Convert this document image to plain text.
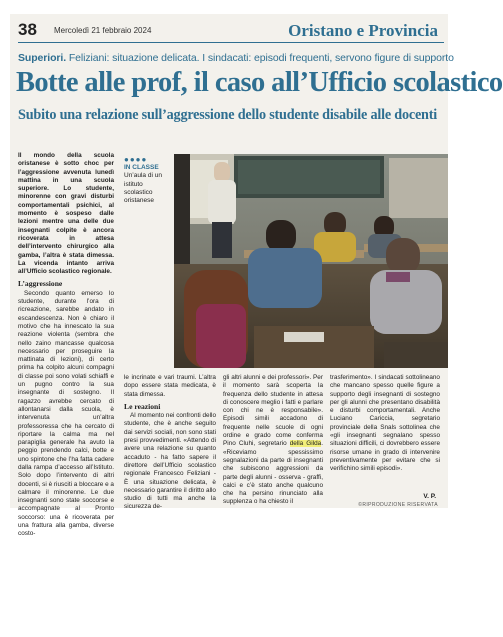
38 Mercoledì 21 febbraio 2024	Oristano e Provincia
Superiori. Feliziani: situazione delicata. I sindacati: episodi frequenti, servono figure di supporto
Botte alle prof, il caso all’Ufficio scolastico
Subito una relazione sull’aggressione dello studente disabile alle docenti

Il mondo della scuola oristanese è sotto choc per l’aggressione avvenuta lunedì mattina in una scuola superiore. Lo studente, minorenne con gravi disturbi comportamentali psichici, al momento è sospeso dalle lezioni mentre una delle due insegnanti colpite è ancora ricoverata in attesa dell’intervento chirurgico alla gamba, l’altra è stata dimessa. La vicenda intanto arriva all’Ufficio scolastico regionale.

L’aggressione

Secondo quanto emerso lo studente, durante l’ora di ricreazione, sarebbe andato in escandescenza. Non è chiaro il motivo che ha innescato la sua reazione violenta (sembra che nello zaino mancasse qualcosa necessario per proseguire la mattinata di lezioni), di certo prima ha colpito alcuni compagni di classe poi sono volati schiaffi e un pugno contro la sua insegnante di sostegno. Il ragazzo avrebbe cercato di allontanarsi dalla scuola, è intervenuta un’altra professoressa che ha cercato di riportare la calma ma nel parapiglia generale ha avuto la peggio prendendo calci, botte e uno spintone che l’ha fatta cadere dalla rampa d’accesso all’Istituto. Solo dopo l’intervento di altri docenti, si è riusciti a bloccare e a calmare il minorenne. Le due insegnanti sono state soccorse e accompagnate al Pronto soccorso: una è ricoverata per una frattura alla gamba, diverse costo-

●●●●
IN CLASSE
Un’aula di un istituto scolastico oristanese

le incrinate e vari traumi. L’altra dopo essere stata medicata, è stata dimessa.

Le reazioni

Al momento nei confronti dello studente, che è anche seguito dai servizi sociali, non sono stati presi provvedimenti. «Attendo di avere una relazione su quanto accaduto - ha fatto sapere il direttore dell’Ufficio scolastico regionale Francesco Feliziani - È una situazione delicata, è necessario garantire il diritto allo studio di tutti ma anche la sicurezza de-

gli altri alunni e dei professori». Per il momento sarà scoperta la frequenza dello studente in attesa di conoscere meglio i fatti e parlare con chi ne è responsabile». Episodi simili accadono di frequente nelle scuole di ogni ordine e grado come conferma Pino Cluhi, segretario della Gilda. «Riceviamo spessissimo segnalazioni da parte di insegnanti che subiscono aggressioni da parte degli alunni - osserva - graffi, calci e c’è stato anche qualcuno che ha persino rinunciato alla supplenza o ha chiesto il

trasferimento». I sindacati sottolineano che mancano spesso quelle figure a supporto degli insegnanti di sostegno per gli alunni che presentano disabilità e disturbi comportamentali. Anche Luciano Cariccia, segretario provinciale della Snals sottolinea che «gli insegnanti segnalano spesso situazioni difficili, ci dovrebbero essere risorse umane in grado di intervenire preventivamente per evitare che si verifichino simili episodi».

V. P.
©RIPRODUZIONE RISERVATA
